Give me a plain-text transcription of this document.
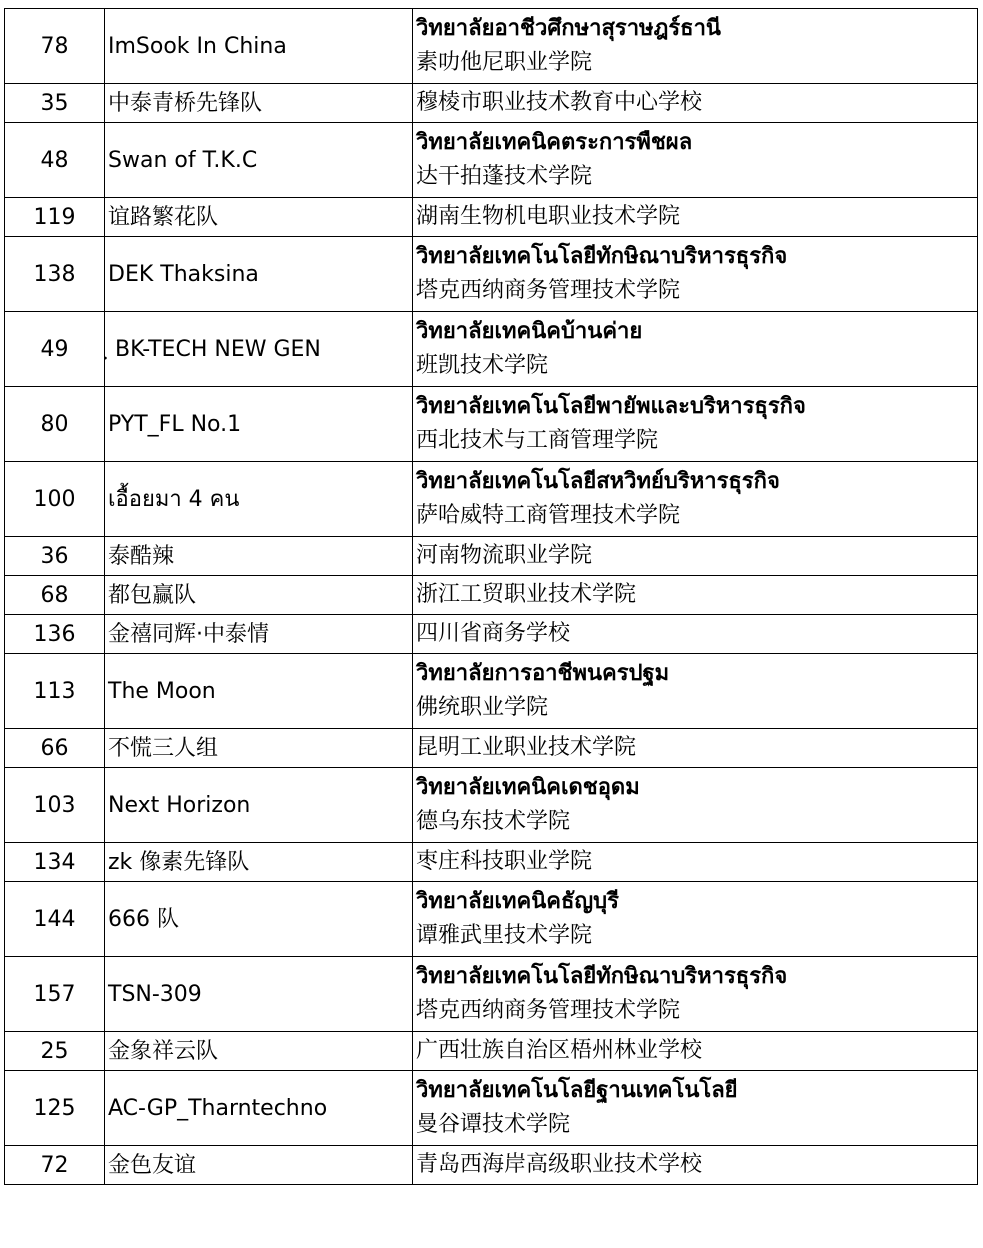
78	ImSook In China	วิทยาลัยอาชีวศึกษาสุราษฎร์ธานี
素叻他尼职业学院

35	中泰青桥先锋队	穆棱市职业技术教育中心学校

48	Swan of T.K.C	วิทยาลัยเทคนิคตระการพืชผล
达干拍蓬技术学院

119	谊路繁花队	湖南生物机电职业技术学院

138	DEK Thaksina	วิทยาลัยเทคโนโลยีทักษิณาบริหารธุรกิจ
塔克西纳商务管理技术学院

49	ฺ BK-TECH NEW GEN	วิทยาลัยเทคนิคบ้านค่าย
班凯技术学院

80	PYT_FL No.1	วิทยาลัยเทคโนโลยีพายัพและบริหารธุรกิจ
西北技术与工商管理学院

100	เอื้อยมา 4 คน	วิทยาลัยเทคโนโลยีสหวิทย์บริหารธุรกิจ
萨哈威特工商管理技术学院

36	泰酷辣	河南物流职业学院

68	都包赢队	浙江工贸职业技术学院

136	金禧同辉·中泰情	四川省商务学校

113	The Moon	วิทยาลัยการอาชีพนครปฐม
佛统职业学院

66	不慌三人组	昆明工业职业技术学院

103	Next Horizon	วิทยาลัยเทคนิคเดชอุดม
德乌东技术学院

134	zk 像素先锋队	枣庄科技职业学院

144	666 队	วิทยาลัยเทคนิคธัญบุรี
谭雅武里技术学院

157	TSN-309	วิทยาลัยเทคโนโลยีทักษิณาบริหารธุรกิจ
塔克西纳商务管理技术学院

25	金象祥云队	广西壮族自治区梧州林业学校

125	AC-GP_Tharntechno	วิทยาลัยเทคโนโลยีฐานเทคโนโลยี
曼谷谭技术学院

72	金色友谊	青岛西海岸高级职业技术学校
